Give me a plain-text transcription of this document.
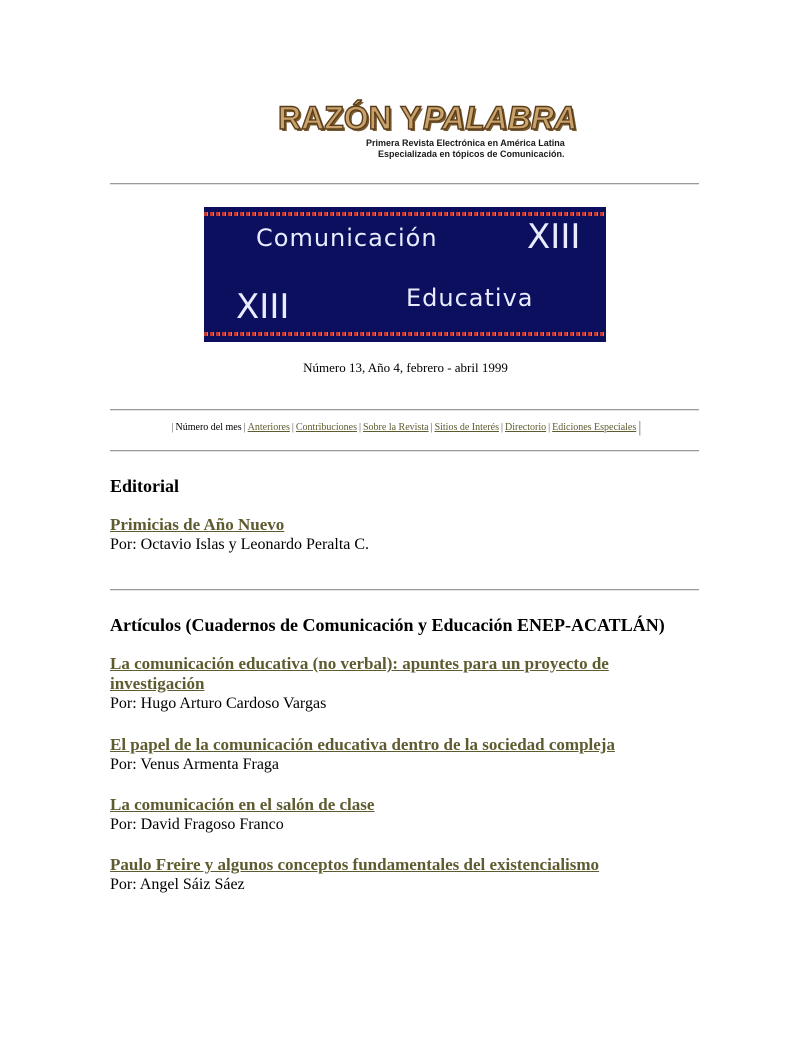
RAZÓN Y PALABRA
Primera Revista Electrónica en América Latina
Especializada en tópicos de Comunicación.
Comunicación	XIII
XIII	Educativa
Número 13, Año 4, febrero - abril 1999
| Número del mes | Anteriores | Contribuciones | Sobre la Revista | Sitios de Interés | Directorio | Ediciones Especiales |
Editorial
Primicias de Año Nuevo
Por: Octavio Islas y Leonardo Peralta C.
Artículos (Cuadernos de Comunicación y Educación ENEP-ACATLÁN)
La comunicación educativa (no verbal): apuntes para un proyecto de investigación
Por: Hugo Arturo Cardoso Vargas
El papel de la comunicación educativa dentro de la sociedad compleja
Por: Venus Armenta Fraga
La comunicación en el salón de clase
Por: David Fragoso Franco
Paulo Freire y algunos conceptos fundamentales del existencialismo
Por: Angel Sáiz Sáez
